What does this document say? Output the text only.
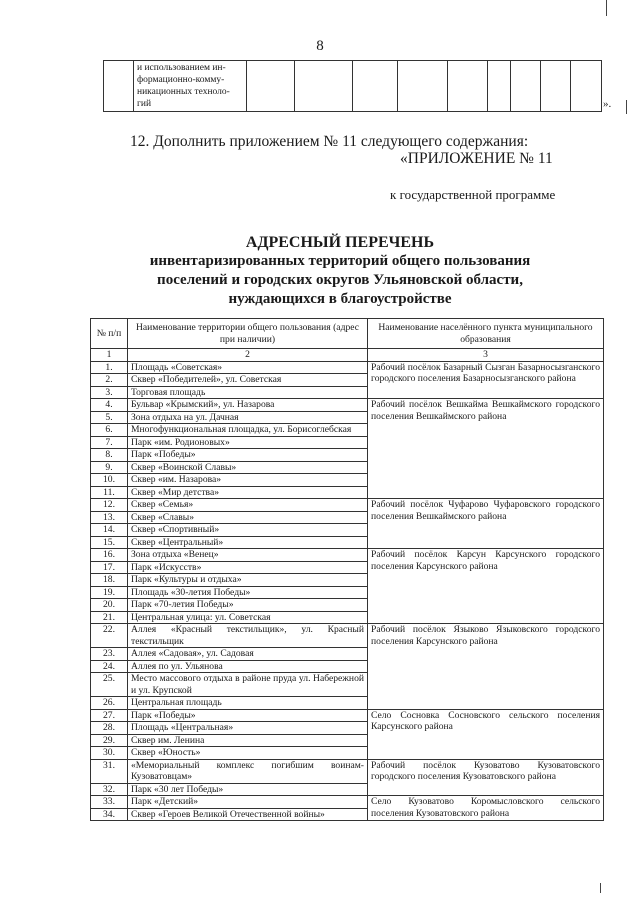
8

и использованием ин-
формационно-комму-
никационных техноло-
гий
										».
12. Дополнить приложением № 11 следующего содержания:
«ПРИЛОЖЕНИЕ № 11
к государственной программе
АДРЕСНЫЙ ПЕРЕЧЕНЬ
инвентаризированных территорий общего пользования
поселений и городских округов Ульяновской области,
нуждающихся в благоустройстве
№ п/п	Наименование территории общего пользования (адрес при наличии)	Наименование населённого пункта муниципального образования
1	2	3
1.	Площадь «Советская»	Рабочий посёлок Базарный Сызган Базарносызганского городского поселения Базарносызганского района
2.	Сквер «Победителей», ул. Советская	
3.	Торговая площадь	
4.	Бульвар «Крымский», ул. Назарова	Рабочий посёлок Вешкайма Вешкаймского городского поселения Вешкаймского района
5.	Зона отдыха на ул. Дачная	
6.	Многофункциональная площадка, ул. Борисоглебская	
7.	Парк «им. Родионовых»	
8.	Парк «Победы»	
9.	Сквер «Воинской Славы»	
10.	Сквер «им. Назарова»	
11.	Сквер «Мир детства»	
12.	Сквер «Семья»	Рабочий посёлок Чуфарово Чуфаровского городского поселения Вешкаймского района
13.	Сквер «Славы»	
14.	Сквер «Спортивный»	
15.	Сквер «Центральный»	
16.	Зона отдыха «Венец»	Рабочий посёлок Карсун Карсунского городского поселения Карсунского района
17.	Парк «Искусств»	
18.	Парк «Культуры и отдыха»	
19.	Площадь «30-летия Победы»	
20.	Парк «70-летия Победы»	
21.	Центральная улица: ул. Советская	
22.	Аллея «Красный текстильщик», ул. Красный текстильщик	Рабочий посёлок Языково Языковского городского поселения Карсунского района
23.	Аллея «Садовая», ул. Садовая	
24.	Аллея по ул. Ульянова	
25.	Место массового отдыха в районе пруда ул. Набережной и ул. Крупской	
26.	Центральная площадь	
27.	Парк «Победы»	Село Сосновка Сосновского сельского поселения Карсунского района
28.	Площадь «Центральная»	
29.	Сквер им. Ленина	
30.	Сквер «Юность»	
31.	«Мемориальный комплекс погибшим воинам-Кузоватовцам»	Рабочий посёлок Кузоватово Кузоватовского городского поселения Кузоватовского района
32.	Парк «30 лет Победы»	
33.	Парк «Детский»	Село Кузоватово Коромысловского сельского поселения Кузоватовского района
34.	Сквер «Героев Великой Отечественной войны»	
